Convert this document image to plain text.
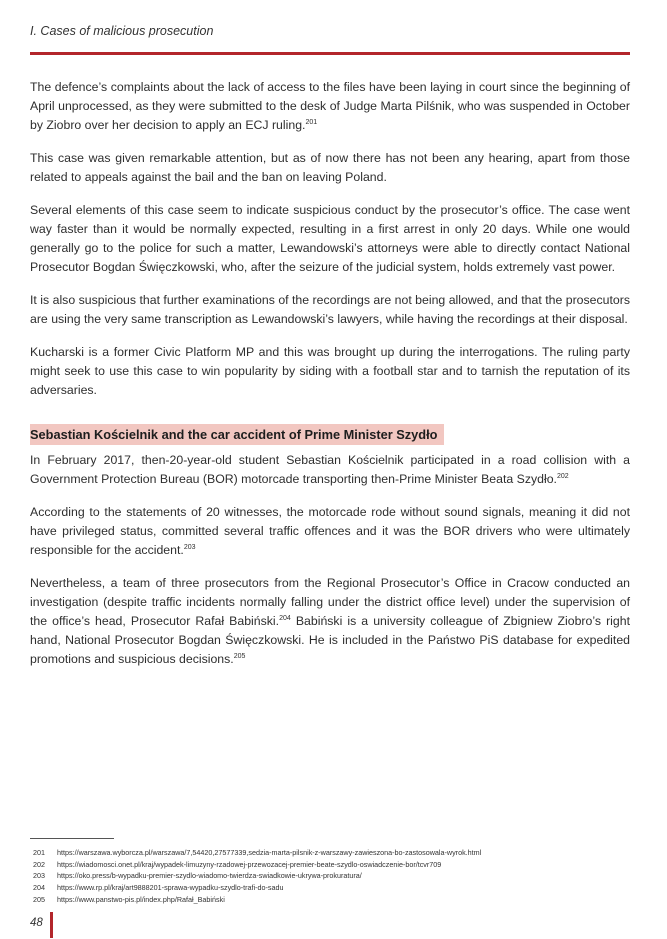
I. Cases of malicious prosecution

The defence’s complaints about the lack of access to the files have been laying in court since the beginning of April unprocessed, as they were submitted to the desk of Judge Marta Pilśnik, who was suspended in October by Ziobro over her decision to apply an ECJ ruling.$^{201}$

This case was given remarkable attention, but as of now there has not been any hearing, apart from those related to appeals against the bail and the ban on leaving Poland.

Several elements of this case seem to indicate suspicious conduct by the prosecutor’s office. The case went way faster than it would be normally expected, resulting in a first arrest in only 20 days. While one would generally go to the police for such a matter, Lewandowski’s attorneys were able to directly contact National Prosecutor Bogdan Święczkowski, who, after the seizure of the judicial system, holds extremely vast power.

It is also suspicious that further examinations of the recordings are not being allowed, and that the prosecutors are using the very same transcription as Lewandowski’s lawyers, while having the recordings at their disposal.

Kucharski is a former Civic Platform MP and this was brought up during the interrogations. The ruling party might seek to use this case to win popularity by siding with a football star and to tarnish the reputation of its adversaries.

Sebastian Kościelnik and the car accident of Prime Minister Szydło

In February 2017, then-20-year-old student Sebastian Kościelnik participated in a road collision with a Government Protection Bureau (BOR) motorcade transporting then-Prime Minister Beata Szydło.$^{202}$

According to the statements of 20 witnesses, the motorcade rode without sound signals, meaning it did not have privileged status, committed several traffic offences and it was the BOR drivers who were ultimately responsible for the accident.$^{203}$

Nevertheless, a team of three prosecutors from the Regional Prosecutor’s Office in Cracow conducted an investigation (despite traffic incidents normally falling under the district office level) under the supervision of the office’s head, Prosecutor Rafał Babiński.$^{204}$ Babiński is a university colleague of Zbigniew Ziobro’s right hand, National Prosecutor Bogdan Święczkowski. He is included in the Państwo PiS database for expedited promotions and suspicious decisions.$^{205}$

201 https://warszawa.wyborcza.pl/warszawa/7,54420,27577339,sedzia-marta-pilsnik-z-warszawy-zawieszona-bo-zastosowala-wyrok.html
202 https://wiadomosci.onet.pl/kraj/wypadek-limuzyny-rzadowej-przewozacej-premier-beate-szydlo-oswiadczenie-bor/tcvr709
203 https://oko.press/b-wypadku-premier-szydlo-wiadomo-twierdza-swiadkowie-ukrywa-prokuratura/
204 https://www.rp.pl/kraj/art9888201-sprawa-wypadku-szydlo-trafi-do-sadu
205 https://www.panstwo-pis.pl/index.php/Rafał_Babiński
48
